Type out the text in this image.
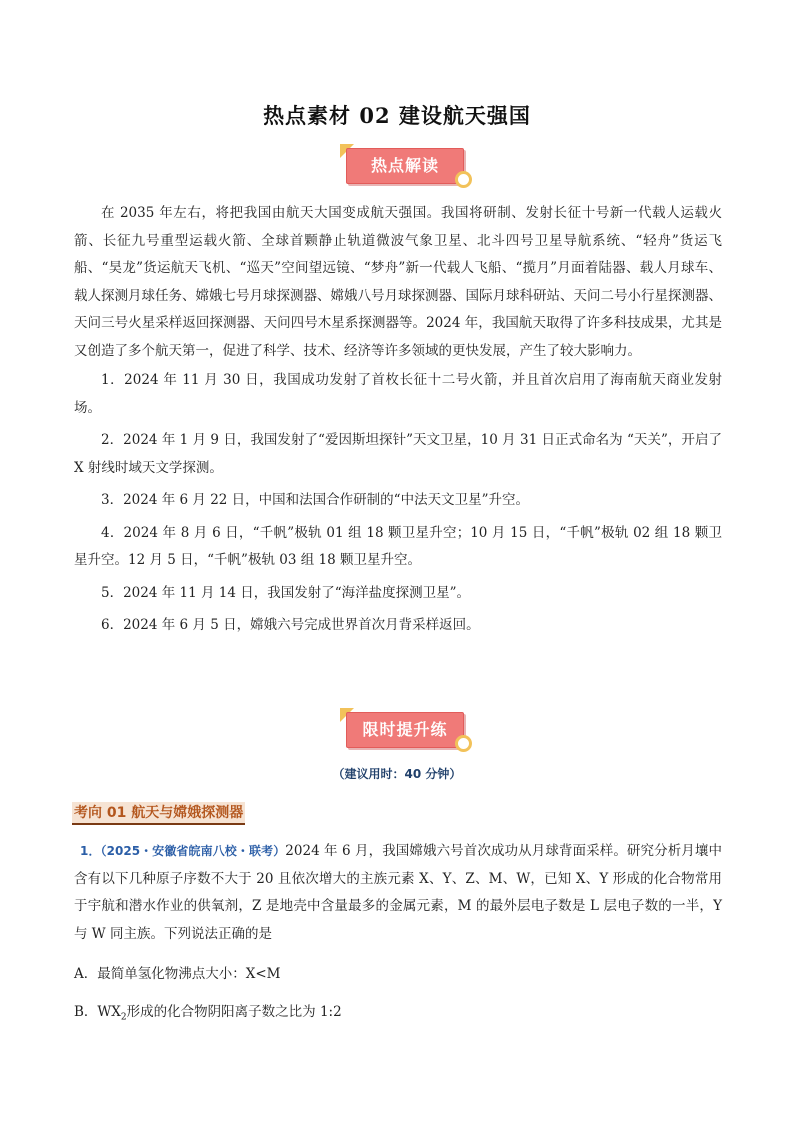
热点素材 02 建设航天强国
热点解读

在 2035 年左右，将把我国由航天大国变成航天强国。我国将研制、发射长征十号新一代载人运载火箭、长征九号重型运载火箭、全球首颗静止轨道微波气象卫星、北斗四号卫星导航系统、“轻舟”货运飞船、“昊龙”货运航天飞机、“巡天”空间望远镜、“梦舟”新一代载人飞船、“揽月”月面着陆器、载人月球车、载人探测月球任务、嫦娥七号月球探测器、嫦娥八号月球探测器、国际月球科研站、天问二号小行星探测器、天问三号火星采样返回探测器、天问四号木星系探测器等。2024 年，我国航天取得了许多科技成果，尤其是又创造了多个航天第一，促进了科学、技术、经济等许多领域的更快发展，产生了较大影响力。

1．2024 年 11 月 30 日，我国成功发射了首枚长征十二号火箭，并且首次启用了海南航天商业发射场。

2．2024 年 1 月 9 日，我国发射了“爱因斯坦探针”天文卫星，10 月 31 日正式命名为 “天关”，开启了 X 射线时域天文学探测。

3．2024 年 6 月 22 日，中国和法国合作研制的“中法天文卫星”升空。

4．2024 年 8 月 6 日，“千帆”极轨 01 组 18 颗卫星升空；10 月 15 日，“千帆”极轨 02 组 18 颗卫星升空。12 月 5 日，“千帆”极轨 03 组 18 颗卫星升空。

5．2024 年 11 月 14 日，我国发射了“海洋盐度探测卫星”。

6．2024 年 6 月 5 日，嫦娥六号完成世界首次月背采样返回。

限时提升练
（建议用时：40 分钟）
考向 01 航天与嫦娥探测器

1．（2025・安徽省皖南八校・联考）2024 年 6 月，我国嫦娥六号首次成功从月球背面采样。研究分析月壤中含有以下几种原子序数不大于 20 且依次增大的主族元素 X、Y、Z、M、W，已知 X、Y 形成的化合物常用于宇航和潜水作业的供氧剂，Z 是地壳中含量最多的金属元素，M 的最外层电子数是 L 层电子数的一半，Y 与 W 同主族。下列说法正确的是

A．最简单氢化物沸点大小：X<M
B．$WX_2$形成的化合物阴阳离子数之比为 1:2
